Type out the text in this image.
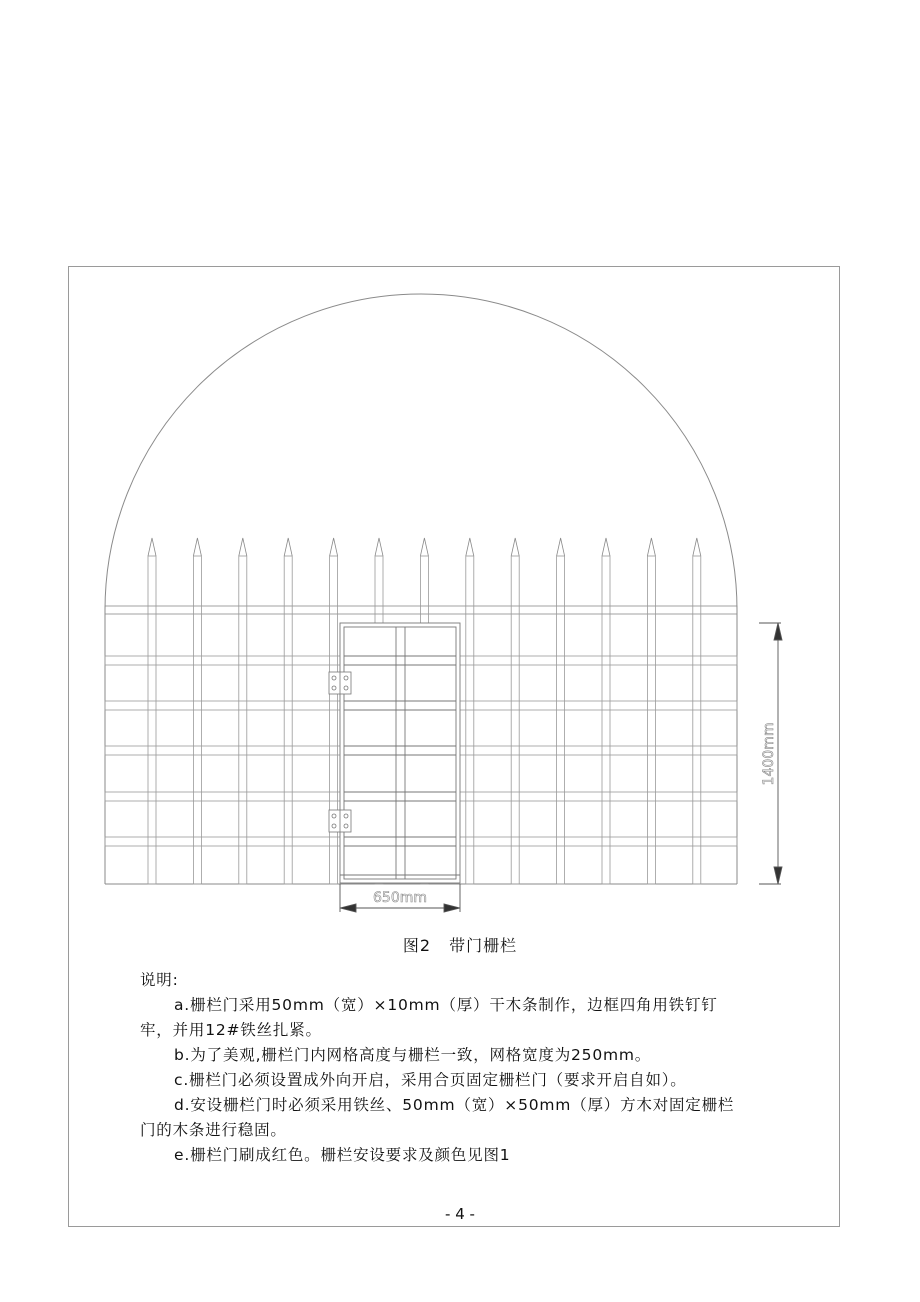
1400mm
650mm
图2 带门栅栏

说明:

a.栅栏门采用50mm（宽）×10mm（厚）干木条制作，边框四角用铁钉钉牢，并用12#铁丝扎紧。

b.为了美观,栅栏门内网格高度与栅栏一致，网格宽度为250mm。

c.栅栏门必须设置成外向开启，采用合页固定栅栏门（要求开启自如）。

d.安设栅栏门时必须采用铁丝、50mm（宽）×50mm（厚）方木对固定栅栏门的木条进行稳固。

e.栅栏门刷成红色。栅栏安设要求及颜色见图1

- 4 -
